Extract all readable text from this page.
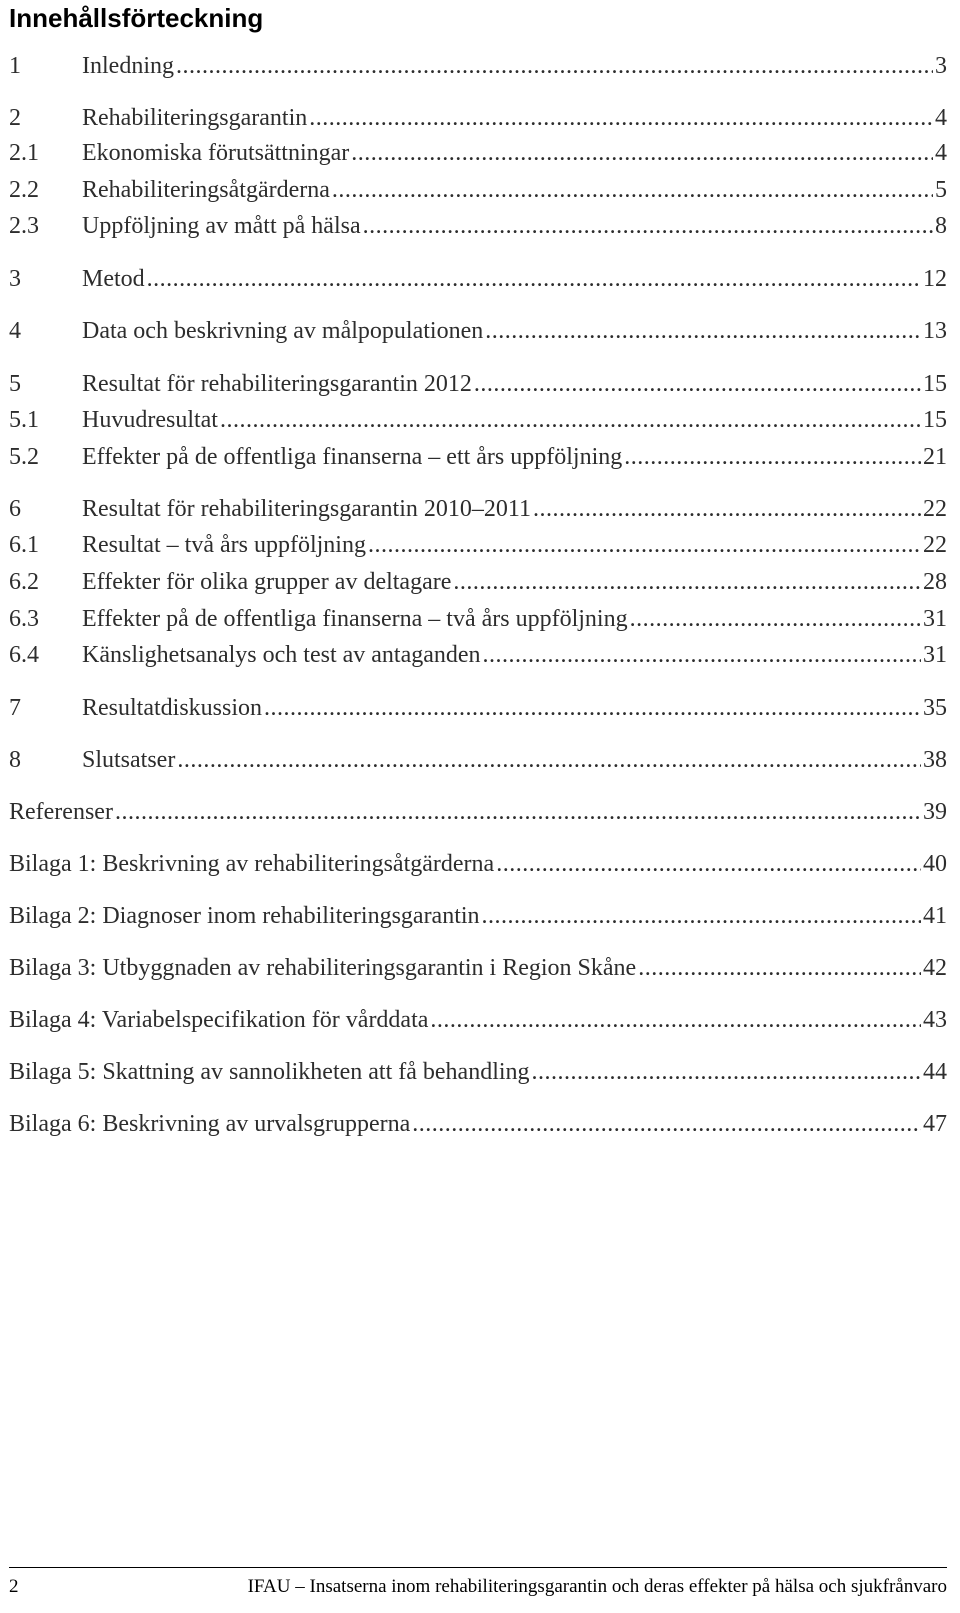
Innehållsförteckning
1	Inledning .....	3
2	Rehabiliteringsgarantin .....	4
2.1	Ekonomiska förutsättningar .....	4
2.2	Rehabiliteringsåtgärderna .....	5
2.3	Uppföljning av mått på hälsa .....	8
3	Metod .....	12
4	Data och beskrivning av målpopulationen .....	13
5	Resultat för rehabiliteringsgarantin 2012 .....	15
5.1	Huvudresultat .....	15
5.2	Effekter på de offentliga finanserna – ett års uppföljning .....	21
6	Resultat för rehabiliteringsgarantin 2010–2011 .....	22
6.1	Resultat – två års uppföljning .....	22
6.2	Effekter för olika grupper av deltagare .....	28
6.3	Effekter på de offentliga finanserna – två års uppföljning .....	31
6.4	Känslighetsanalys och test av antaganden .....	31
7	Resultatdiskussion .....	35
8	Slutsatser .....	38
Referenser .....	39
Bilaga 1: Beskrivning av rehabiliteringsåtgärderna .....	40
Bilaga 2: Diagnoser inom rehabiliteringsgarantin .....	41
Bilaga 3: Utbyggnaden av rehabiliteringsgarantin i Region Skåne .....	42
Bilaga 4: Variabelspecifikation för vårddata .....	43
Bilaga 5: Skattning av sannolikheten att få behandling .....	44
Bilaga 6: Beskrivning av urvalsgrupperna .....	47
2	IFAU – Insatserna inom rehabiliteringsgarantin och deras effekter på hälsa och sjukfrånvaro
